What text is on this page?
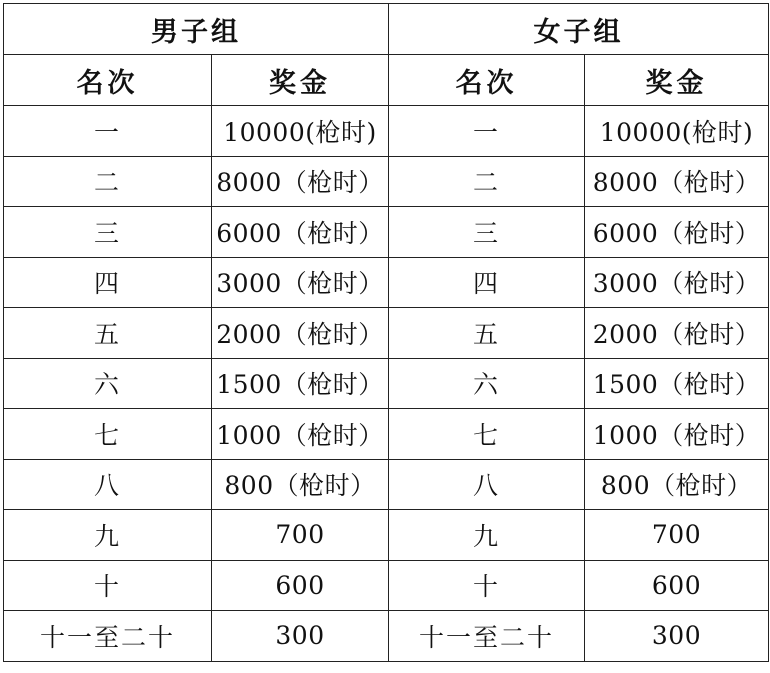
男子组		女子组	
名次	奖金	名次	奖金
一	10000(枪时)	一	10000(枪时)
二	8000（枪时）	二	8000（枪时）
三	6000（枪时）	三	6000（枪时）
四	3000（枪时）	四	3000（枪时）
五	2000（枪时）	五	2000（枪时）
六	1500（枪时）	六	1500（枪时）
七	1000（枪时）	七	1000（枪时）
八	800（枪时）	八	800（枪时）
九	700	九	700
十	600	十	600
十一至二十	300	十一至二十	300
